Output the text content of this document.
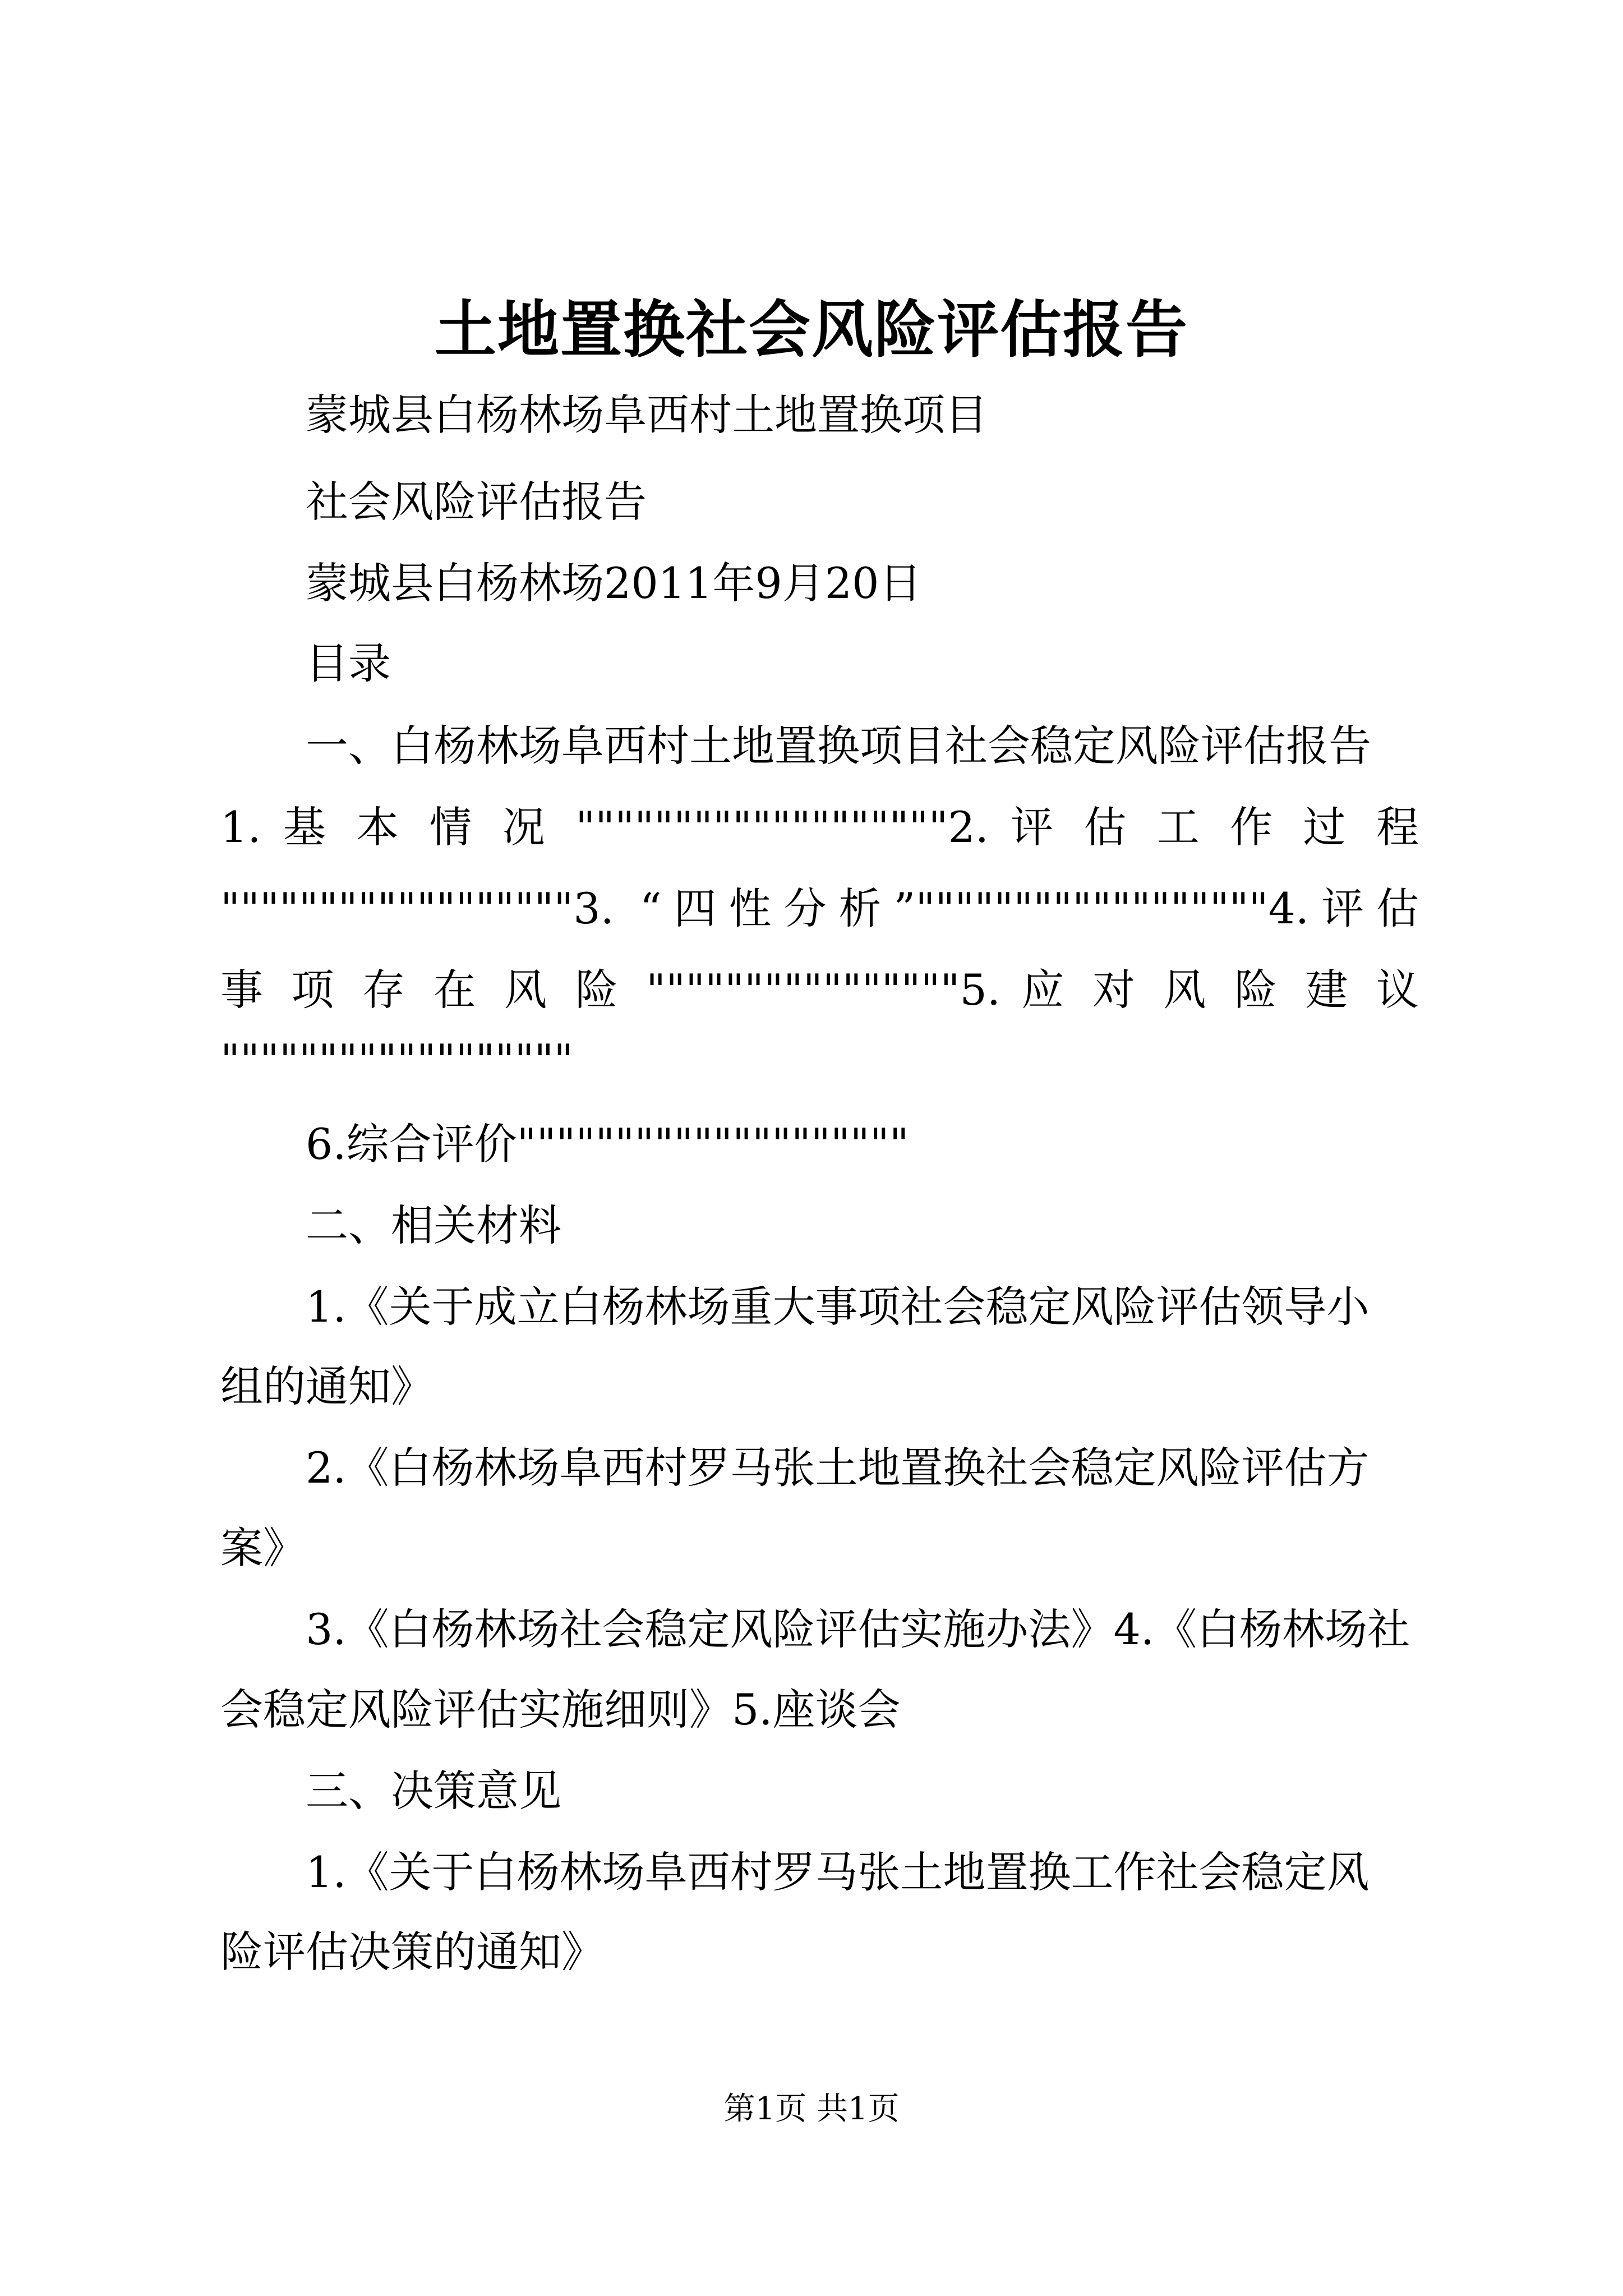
土地置换社会风险评估报告
蒙城县白杨林场阜西村土地置换项目
社会风险评估报告
蒙城县白杨林场2011年9月20日
目录
一、白杨林场阜西村土地置换项目社会稳定风险评估报告
1. 基 本 情 况 """""""""""""""""""2. 评 估 工 作 过 程
""""""""""""""""""3. “四性分析”""""""""""""""""""4.评估
事 项 存 在 风 险 """"""""""""""""5. 应 对 风 险 建 议
""""""""""""""""""
6.综合评价""""""""""""""""""""
二、相关材料
1.《关于成立白杨林场重大事项社会稳定风险评估领导小
组的通知》
2.《白杨林场阜西村罗马张土地置换社会稳定风险评估方
案》
3.《白杨林场社会稳定风险评估实施办法》4.《白杨林场社
会稳定风险评估实施细则》5.座谈会
三、决策意见
1.《关于白杨林场阜西村罗马张土地置换工作社会稳定风
险评估决策的通知》
第1页 共1页
